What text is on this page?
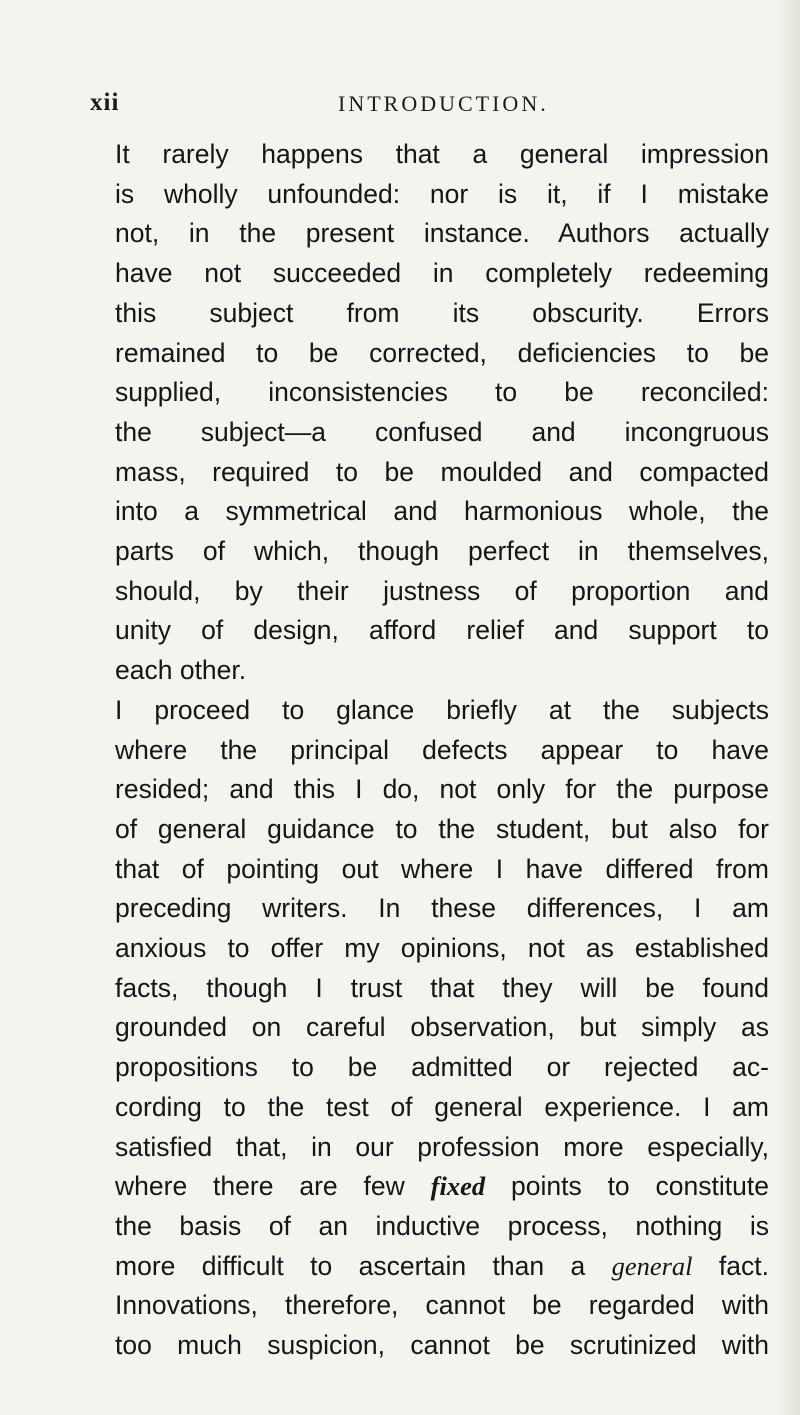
xii	INTRODUCTION.

It rarely happens that a general impression
is wholly unfounded: nor is it, if I mistake
not, in the present instance. Authors actually
have not succeeded in completely redeeming
this subject from its obscurity. Errors
remained to be corrected, deficiencies to be
supplied, inconsistencies to be reconciled:
the subject—a confused and incongruous
mass, required to be moulded and compacted
into a symmetrical and harmonious whole, the
parts of which, though perfect in themselves,
should, by their justness of proportion and
unity of design, afford relief and support to
each other.

I proceed to glance briefly at the subjects
where the principal defects appear to have
resided; and this I do, not only for the purpose
of general guidance to the student, but also for
that of pointing out where I have differed from
preceding writers. In these differences, I am
anxious to offer my opinions, not as established
facts, though I trust that they will be found
grounded on careful observation, but simply as
propositions to be admitted or rejected ac-
cording to the test of general experience. I am
satisfied that, in our profession more especially,
where there are few fixed points to constitute
the basis of an inductive process, nothing is
more difficult to ascertain than a general fact.
Innovations, therefore, cannot be regarded with
too much suspicion, cannot be scrutinized with
